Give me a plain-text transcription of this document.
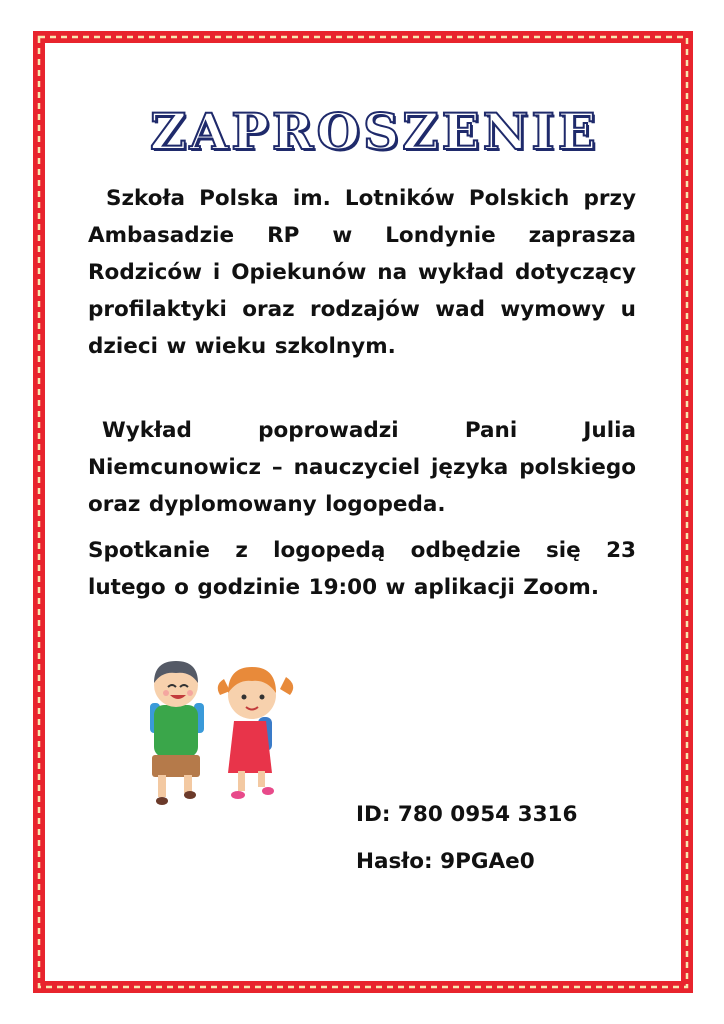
ZAPROSZENIE
Szkoła Polska im. Lotników Polskich przy Ambasadzie RP w Londynie zaprasza Rodziców i Opiekunów na wykład dotyczący profilaktyki oraz rodzajów wad wymowy u dzieci w wieku szkolnym.
Wykład poprowadzi Pani Julia Niemcunowicz – nauczyciel języka polskiego oraz dyplomowany logopeda.
Spotkanie z logopedą odbędzie się 23 lutego o godzinie 19:00 w aplikacji Zoom.
ID: 780 0954 3316
Hasło: 9PGAe0
